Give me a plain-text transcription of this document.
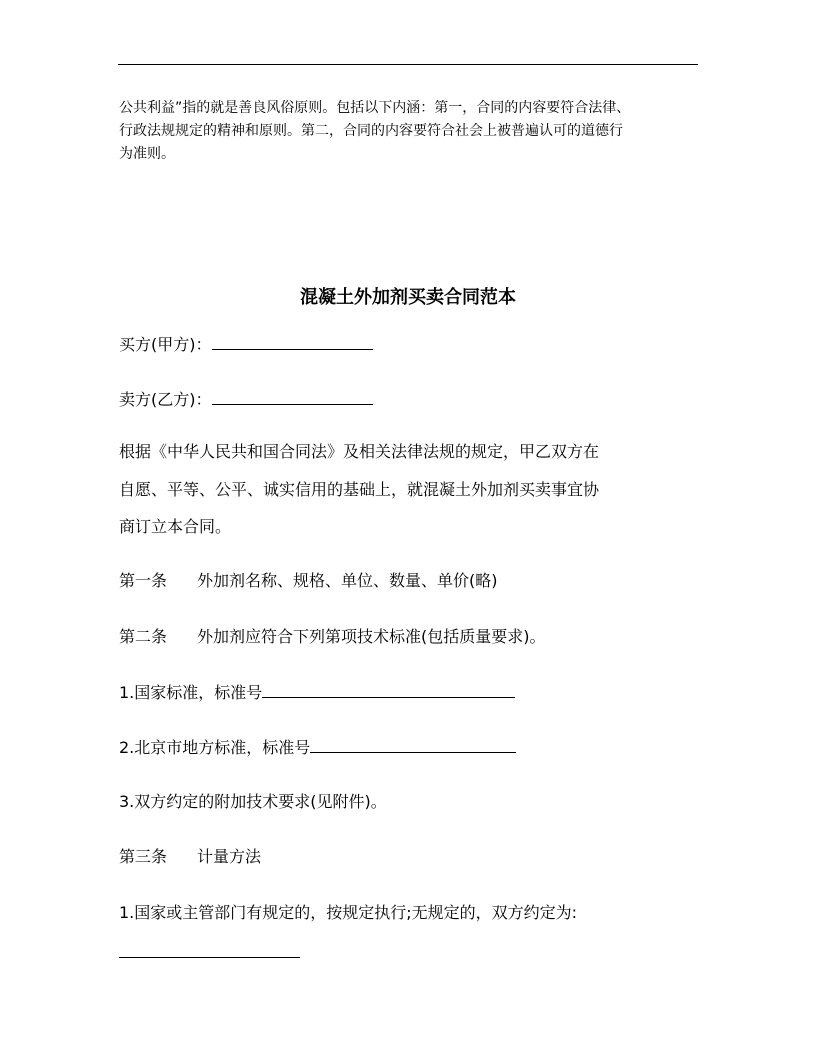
公共利益”指的就是善良风俗原则。包括以下内涵：第一，合同的内容要符合法律、
行政法规规定的精神和原则。第二，合同的内容要符合社会上被普遍认可的道德行
为准则。
混凝土外加剂买卖合同范本

买方(甲方)：

卖方(乙方)：

根据《中华人民共和国合同法》及相关法律法规的规定，甲乙双方在

自愿、平等、公平、诚实信用的基础上，就混凝土外加剂买卖事宜协

商订立本合同。

第一条 外加剂名称、规格、单位、数量、单价(略)

第二条 外加剂应符合下列第项技术标准(包括质量要求)。

1.国家标准，标准号

2.北京市地方标准，标准号

3.双方约定的附加技术要求(见附件)。

第三条 计量方法

1.国家或主管部门有规定的，按规定执行;无规定的，双方约定为:
